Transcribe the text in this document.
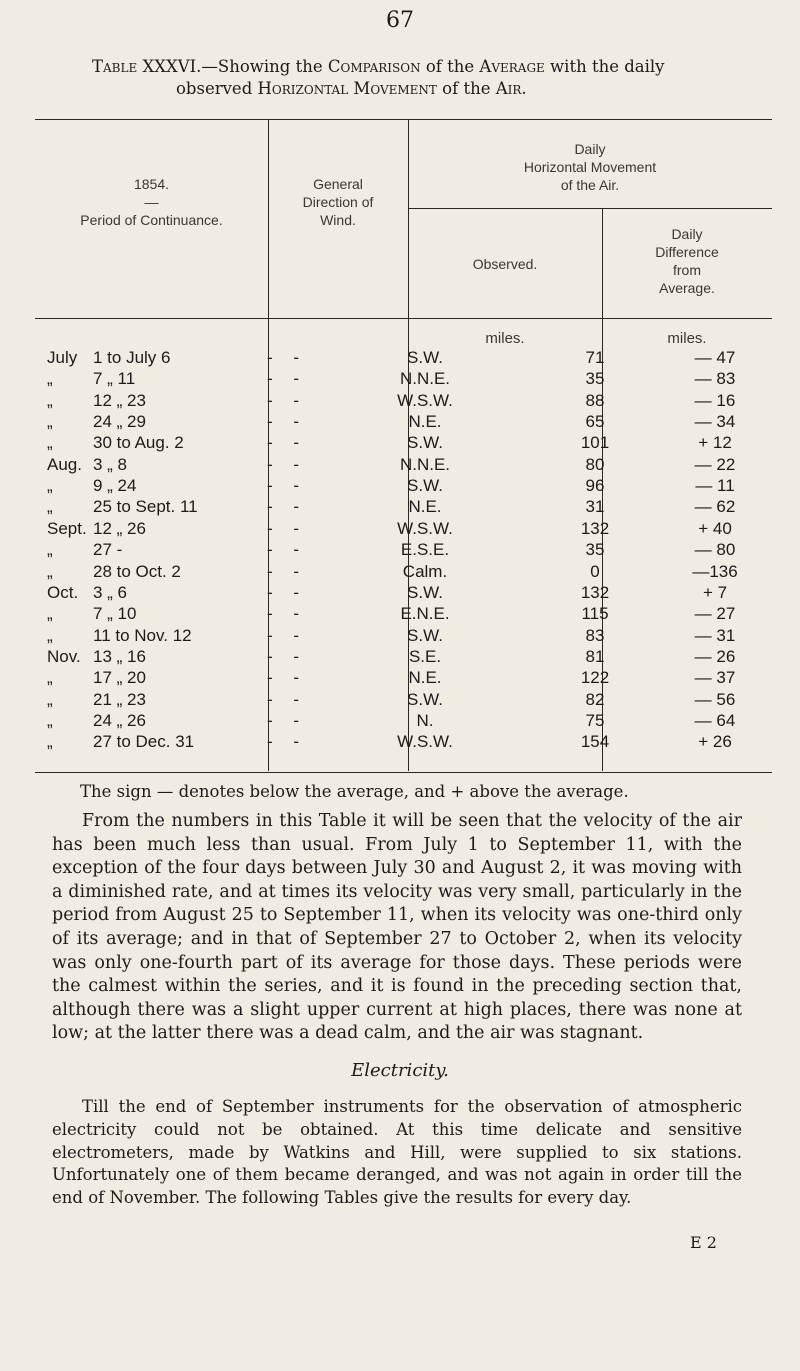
67
Table XXXVI.—Showing the Comparison of the Average with the daily
observed Horizontal Movement of the Air.
1854.
—
Period of Continuance.
General
Direction of
Wind.
Daily
Horizontal Movement
of the Air.
Observed.
Daily
Difference
from
Average.
miles.	miles.
July 1 to July 6	- -	S.W.	71	— 47
„	7 „ 11	- -	N.N.E.	35	— 83
„	12 „ 23	- -	W.S.W.	88	— 16
„	24 „ 29	- -	N.E.	65	— 34
„	30 to Aug. 2	- -	S.W.	101	+ 12
Aug. 3 „ 8	- -	N.N.E.	80	— 22
„	9 „ 24	- -	S.W.	96	— 11
„	25 to Sept. 11	- -	N.E.	31	— 62
Sept. 12 „ 26	- -	W.S.W.	132	+ 40
„	27 -	- -	E.S.E.	35	— 80
„	28 to Oct. 2	- -	Calm.	0	—136
Oct. 3 „ 6	- -	S.W.	132	+ 7
„	7 „ 10	- -	E.N.E.	115	— 27
„	11 to Nov. 12	- -	S.W.	83	— 31
Nov. 13 „ 16	- -	S.E.	81	— 26
„	17 „ 20	- -	N.E.	122	— 37
„	21 „ 23	- -	S.W.	82	— 56
„	24 „ 26	- -	N.	75	— 64
„	27 to Dec. 31	- -	W.S.W.	154	+ 26
The sign — denotes below the average, and + above the average.
From the numbers in this Table it will be seen that the velocity of the air has been much less than usual. From July 1 to September 11, with the exception of the four days between July 30 and August 2, it was moving with a diminished rate, and at times its velocity was very small, particularly in the period from August 25 to September 11, when its velocity was one-third only of its average; and in that of September 27 to October 2, when its velocity was only one-fourth part of its average for those days. These periods were the calmest within the series, and it is found in the preceding section that, although there was a slight upper current at high places, there was none at low; at the latter there was a dead calm, and the air was stagnant.
Electricity.
Till the end of September instruments for the observation of atmospheric electricity could not be obtained. At this time delicate and sensitive electrometers, made by Watkins and Hill, were supplied to six stations. Unfortunately one of them became deranged, and was not again in order till the end of November. The following Tables give the results for every day.
E 2
